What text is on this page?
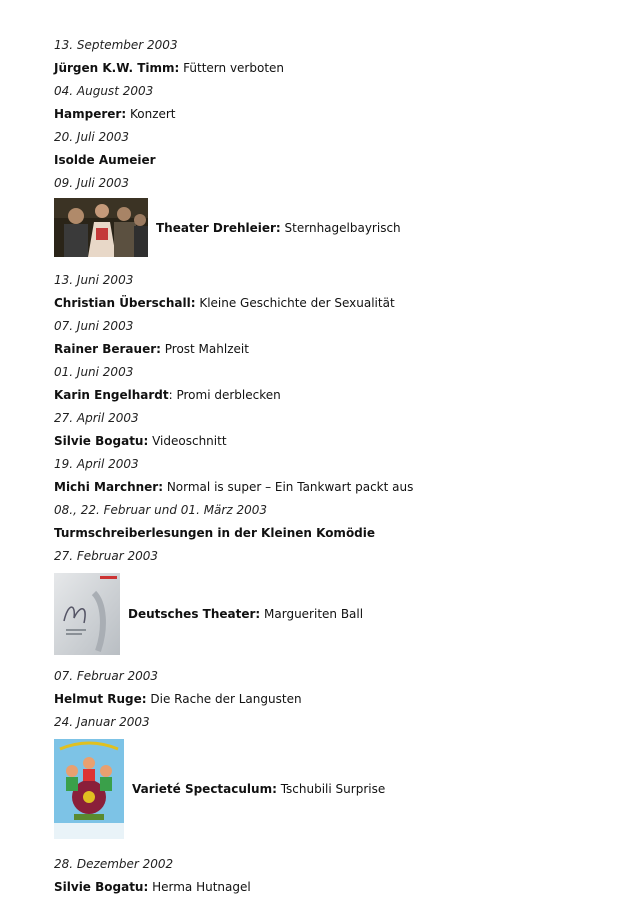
13. September 2003
Jürgen K.W. Timm: Füttern verboten
04. August 2003
Hamperer: Konzert
20. Juli 2003
Isolde Aumeier
09. Juli 2003
Theater Drehleier: Sternhagelbayrisch
13. Juni 2003
Christian Überschall: Kleine Geschichte der Sexualität
07. Juni 2003
Rainer Berauer: Prost Mahlzeit
01. Juni 2003
Karin Engelhardt: Promi derblecken
27. April 2003
Silvie Bogatu: Videoschnitt
19. April 2003
Michi Marchner: Normal is super – Ein Tankwart packt aus
08., 22. Februar und 01. März 2003
Turmschreiberlesungen in der Kleinen Komödie
27. Februar 2003
Deutsches Theater: Margueriten Ball
07. Februar 2003
Helmut Ruge: Die Rache der Langusten
24. Januar 2003
Varieté Spectaculum: Tschubili Surprise
28. Dezember 2002
Silvie Bogatu: Herma Hutnagel
